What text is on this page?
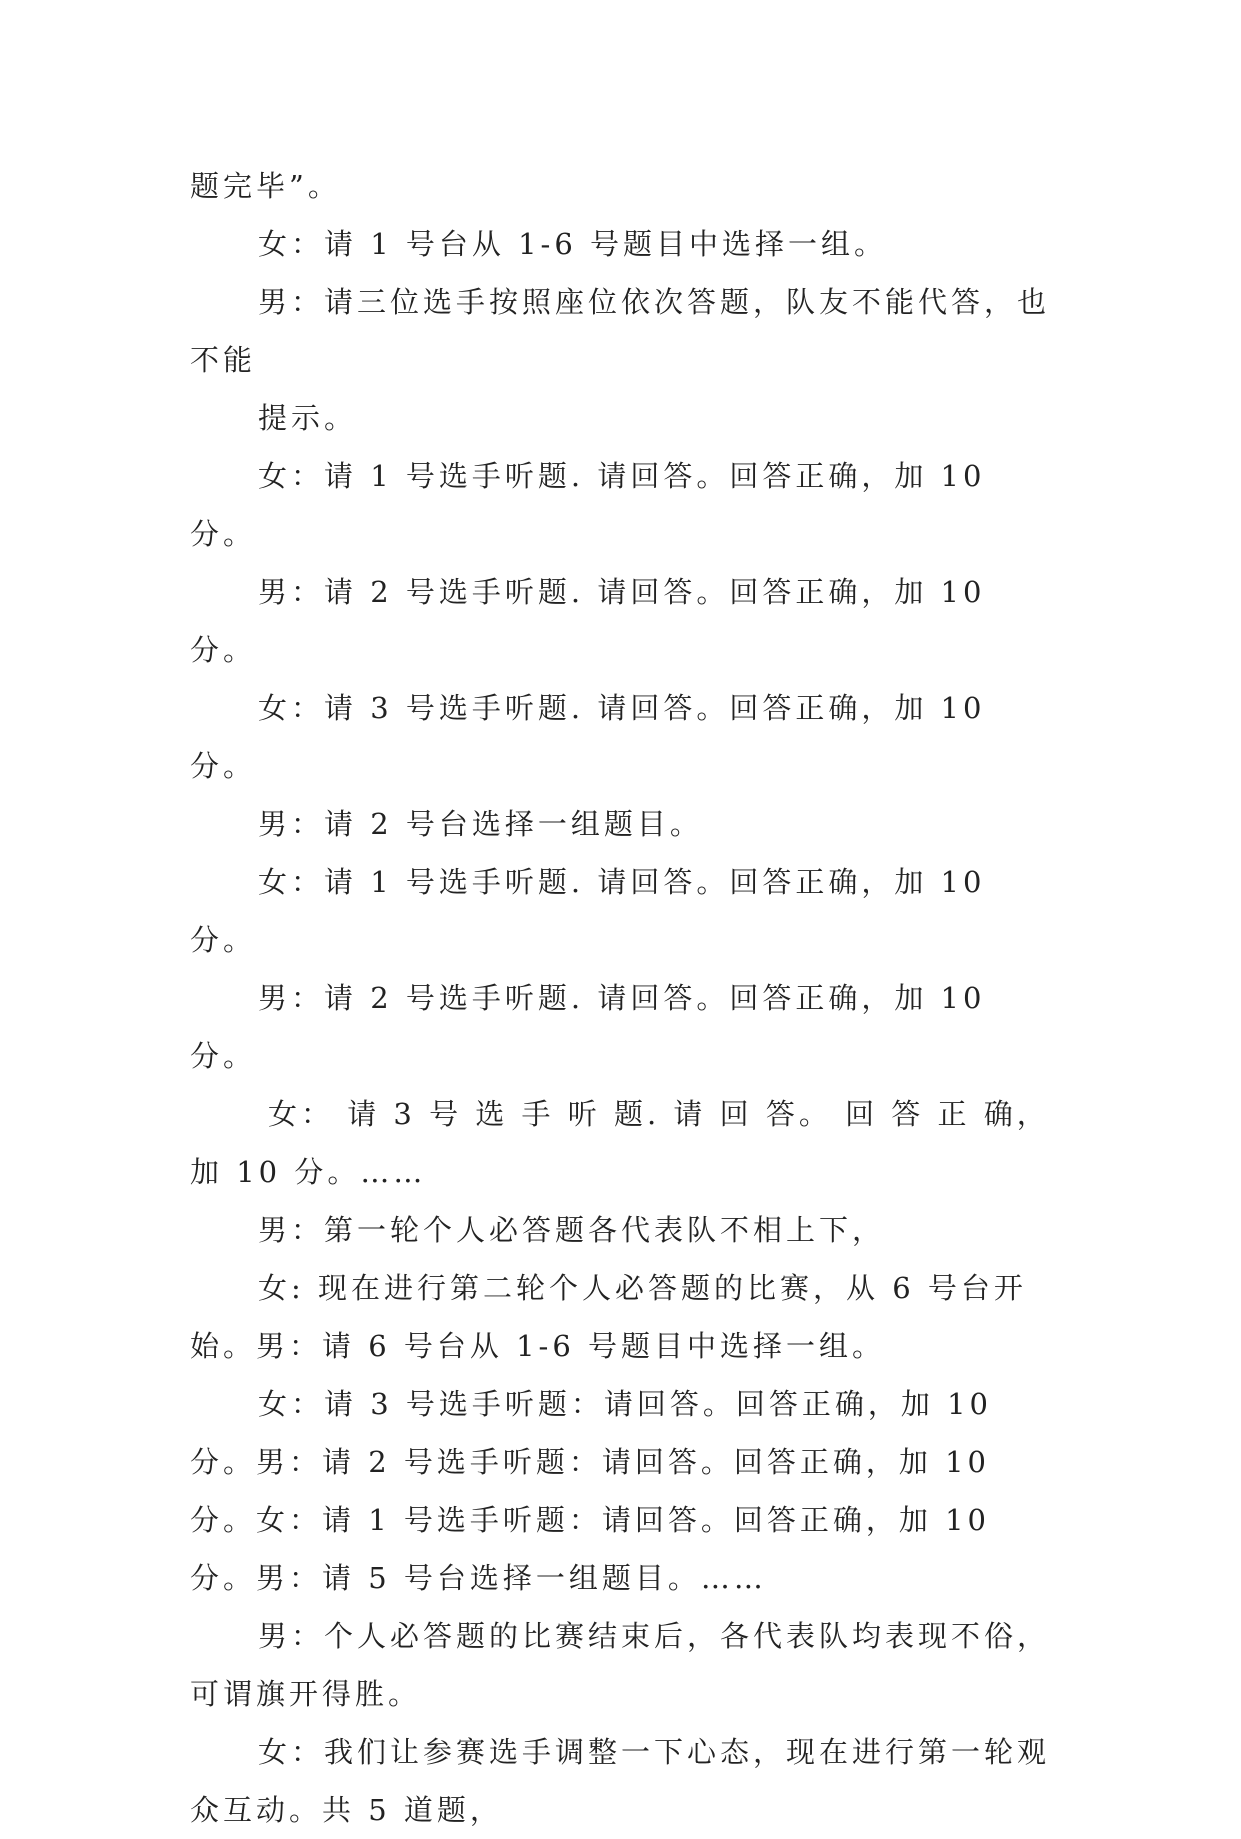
题完毕”。

女：请 1 号台从 1-6 号题目中选择一组。

男：请三位选手按照座位依次答题，队友不能代答，也不能

提示。

女：请 1 号选手听题. 请回答。回答正确，加 10 分。

男：请 2 号选手听题. 请回答。回答正确，加 10 分。

女：请 3 号选手听题. 请回答。回答正确，加 10 分。

男：请 2 号台选择一组题目。

女：请 1 号选手听题. 请回答。回答正确，加 10 分。

男：请 2 号选手听题. 请回答。回答正确，加 10 分。

女： 请 3 号 选 手 听 题. 请 回 答。 回 答 正 确， 加 10 分。……

男：第一轮个人必答题各代表队不相上下，

女: 现在进行第二轮个人必答题的比赛，从 6 号台开始。男：请 6 号台从 1-6 号题目中选择一组。

女：请 3 号选手听题：请回答。回答正确，加 10 分。男：请 2 号选手听题：请回答。回答正确，加 10 分。女：请 1 号选手听题：请回答。回答正确，加 10 分。男：请 5 号台选择一组题目。……

男：个人必答题的比赛结束后，各代表队均表现不俗，可谓旗开得胜。

女：我们让参赛选手调整一下心态，现在进行第一轮观众互动。共 5 道题，
